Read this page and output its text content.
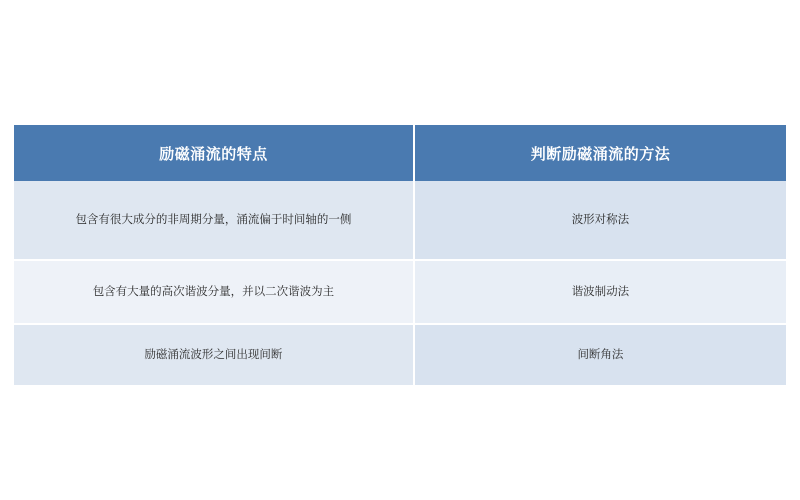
励磁涌流的特点	判断励磁涌流的方法
包含有很大成分的非周期分量，涌流偏于时间轴的一侧	波形对称法
包含有大量的高次谐波分量，并以二次谐波为主	谐波制动法
励磁涌流波形之间出现间断	间断角法
